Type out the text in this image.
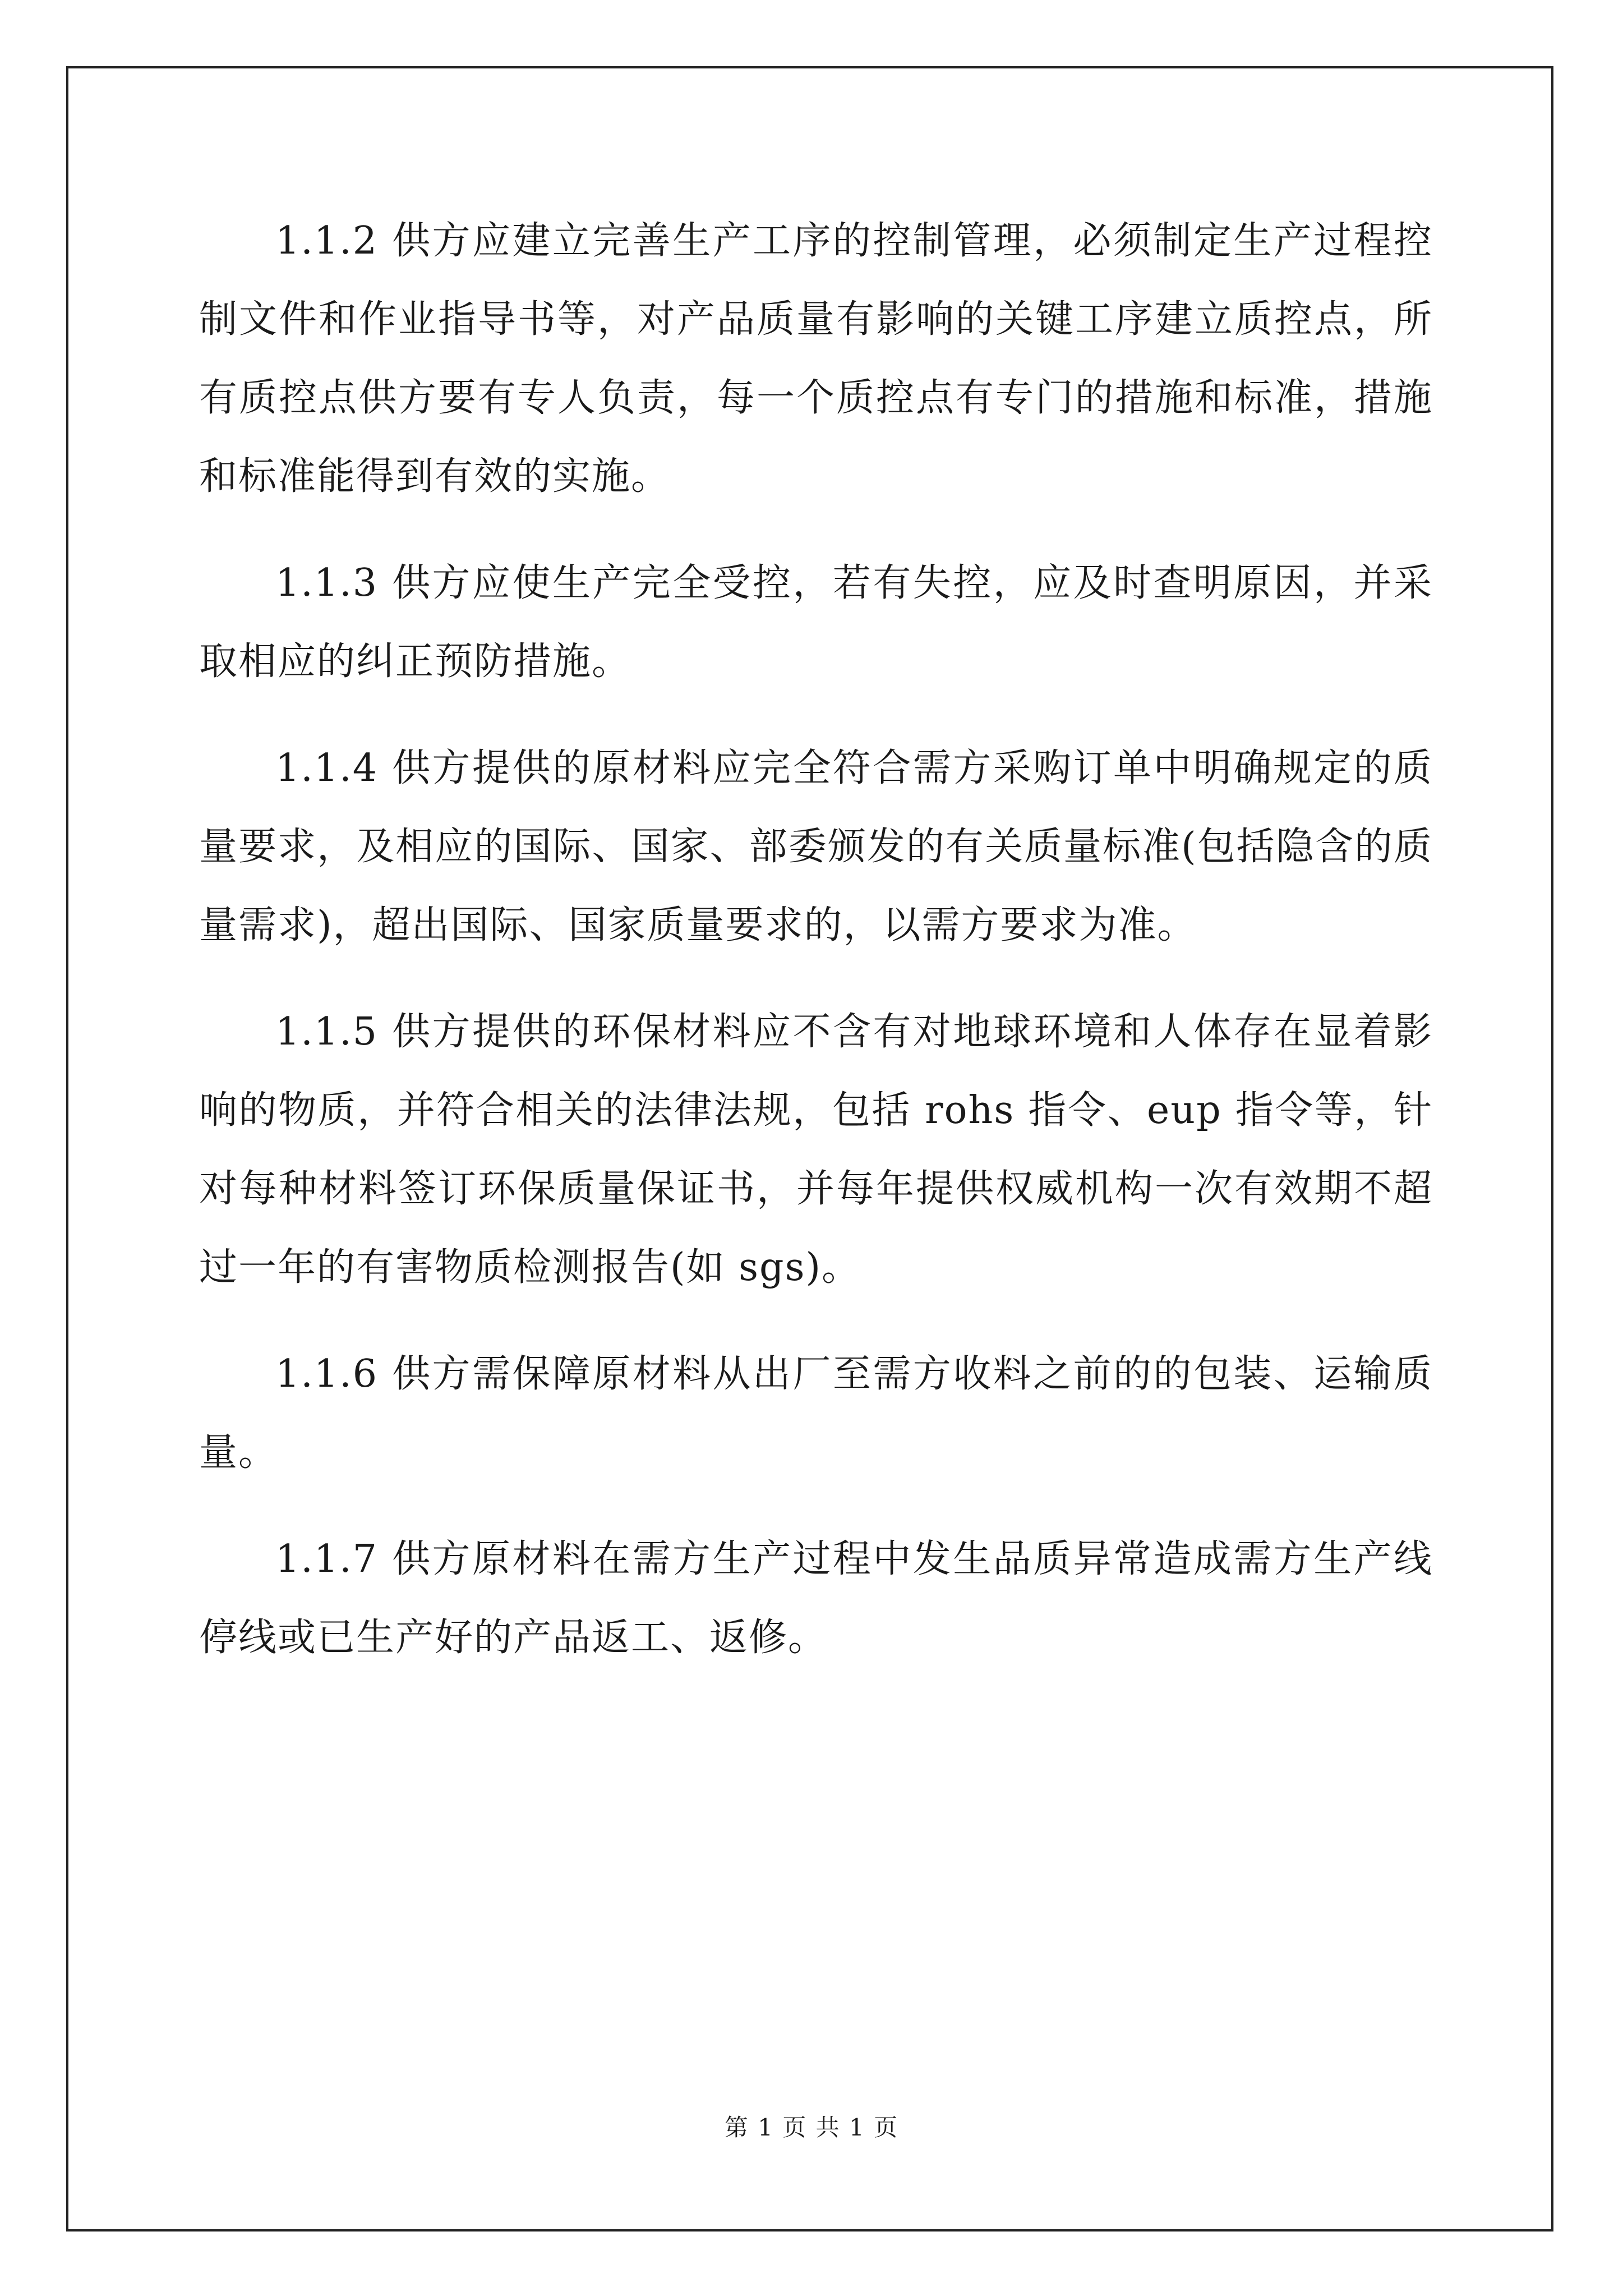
1.1.2 供方应建立完善生产工序的控制管理，必须制定生产过程控制文件和作业指导书等，对产品质量有影响的关键工序建立质控点，所有质控点供方要有专人负责，每一个质控点有专门的措施和标准，措施和标准能得到有效的实施。

1.1.3 供方应使生产完全受控，若有失控，应及时查明原因，并采取相应的纠正预防措施。

1.1.4 供方提供的原材料应完全符合需方采购订单中明确规定的质量要求，及相应的国际、国家、部委颁发的有关质量标准(包括隐含的质量需求)，超出国际、国家质量要求的，以需方要求为准。

1.1.5 供方提供的环保材料应不含有对地球环境和人体存在显着影响的物质，并符合相关的法律法规，包括 rohs 指令、eup 指令等，针对每种材料签订环保质量保证书，并每年提供权威机构一次有效期不超过一年的有害物质检测报告(如 sgs)。

1.1.6 供方需保障原材料从出厂至需方收料之前的的包装、运输质量。

1.1.7 供方原材料在需方生产过程中发生品质异常造成需方生产线停线或已生产好的产品返工、返修。

第 1 页 共 1 页
